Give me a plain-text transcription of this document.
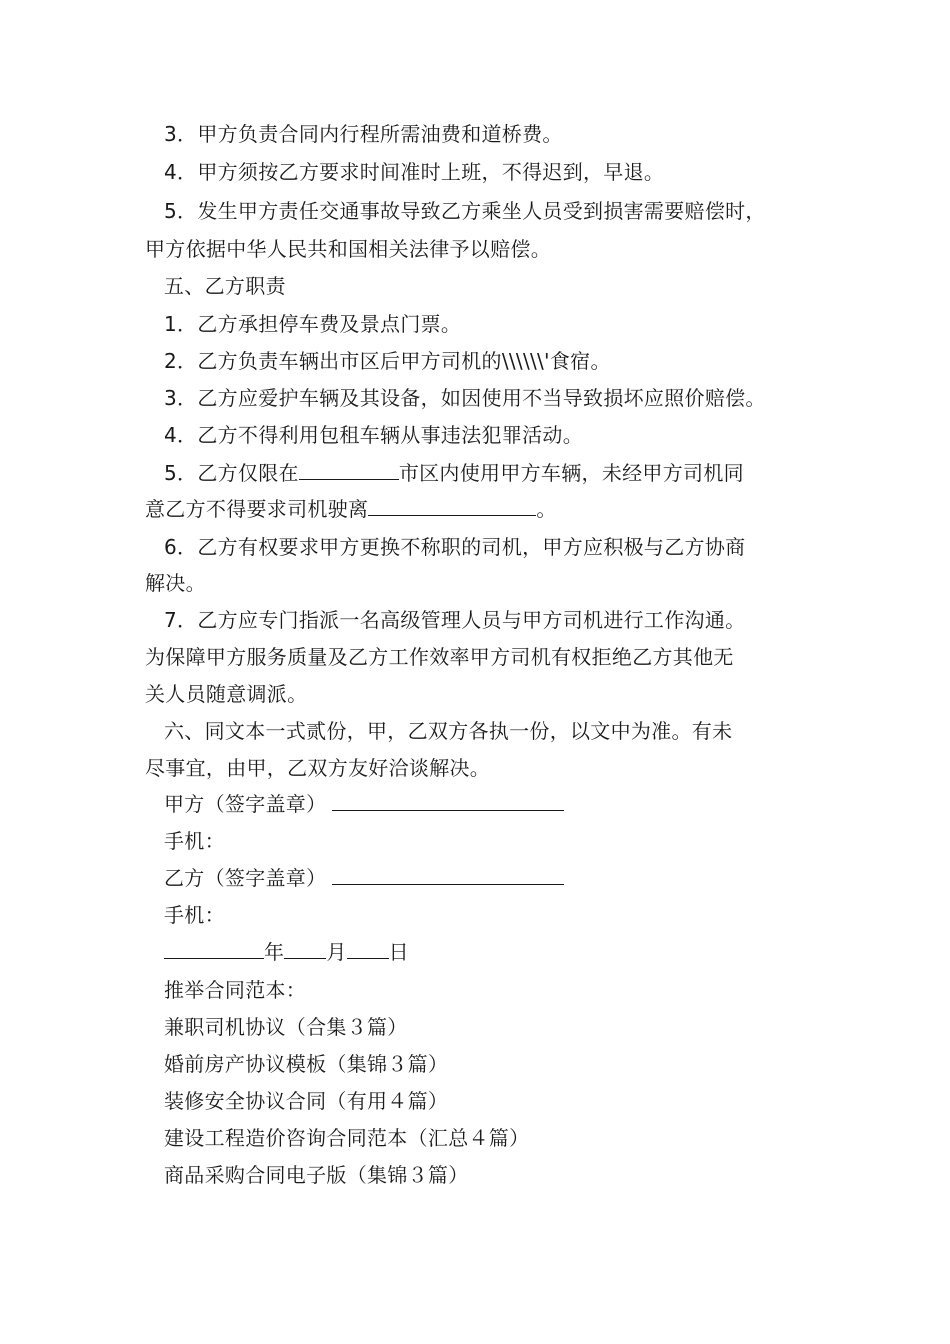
3．甲方负责合同内行程所需油费和道桥费。
4．甲方须按乙方要求时间准时上班，不得迟到，早退。
5．发生甲方责任交通事故导致乙方乘坐人员受到损害需要赔偿时，
甲方依据中华人民共和国相关法律予以赔偿。
五、乙方职责
1．乙方承担停车费及景点门票。
2．乙方负责车辆出市区后甲方司机的\\\\\\'食宿。
3．乙方应爱护车辆及其设备，如因使用不当导致损坏应照价赔偿。
4．乙方不得利用包租车辆从事违法犯罪活动。
5．乙方仅限在	市区内使用甲方车辆，未经甲方司机同
意乙方不得要求司机驶离	。
6．乙方有权要求甲方更换不称职的司机，甲方应积极与乙方协商
解决。
7．乙方应专门指派一名高级管理人员与甲方司机进行工作沟通。
为保障甲方服务质量及乙方工作效率甲方司机有权拒绝乙方其他无
关人员随意调派。
六、同文本一式贰份，甲，乙双方各执一份，以文中为准。有未
尽事宜，由甲，乙双方友好洽谈解决。
甲方（签字盖章）
手机：
乙方（签字盖章）
手机：
年 月 日
推举合同范本：
兼职司机协议（合集３篇）
婚前房产协议模板（集锦３篇）
装修安全协议合同（有用４篇）
建设工程造价咨询合同范本（汇总４篇）
商品采购合同电子版（集锦３篇）
